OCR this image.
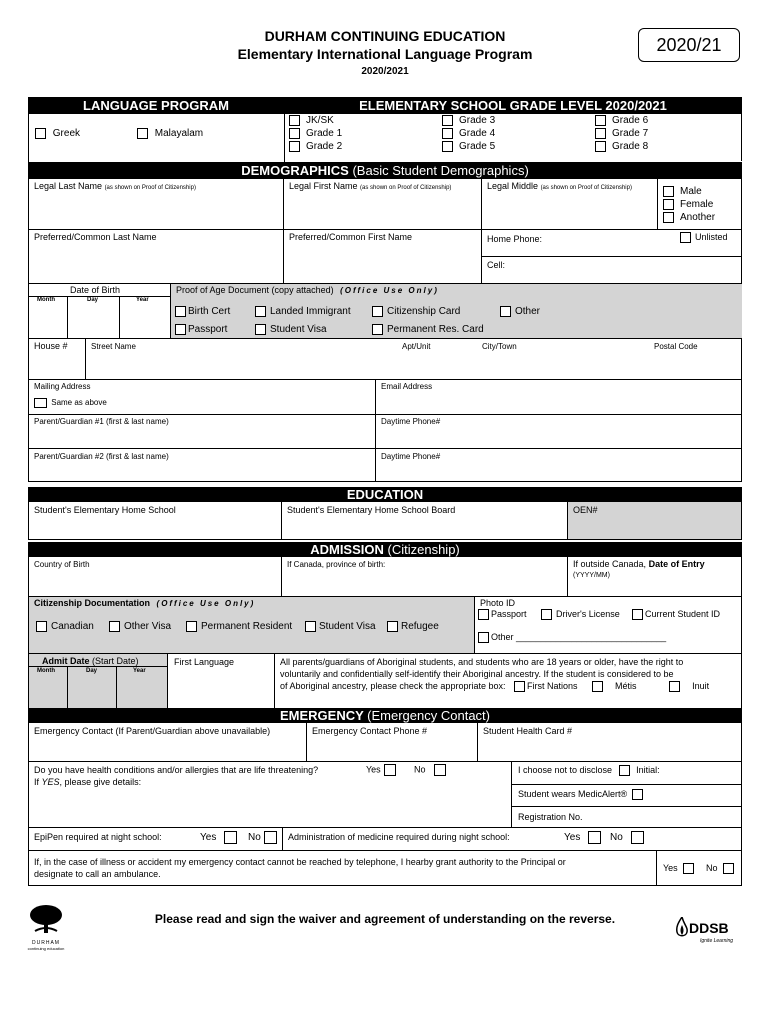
DURHAM CONTINUING EDUCATION
Elementary International Language Program
2020/2021
2020/21
LANGUAGE PROGRAM	ELEMENTARY SCHOOL GRADE LEVEL 2020/2021
Greek	Malayalam
JK/SK
Grade 1
Grade 2
Grade 3
Grade 4
Grade 5
Grade 6
Grade 7
Grade 8
DEMOGRAPHICS (Basic Student Demographics)
Legal Last Name (as shown on Proof of Citizenship)	Legal First Name (as shown on Proof of Citizenship)	Legal Middle (as shown on Proof of Citizenship)	Male
Female
Another
Preferred/Common Last Name	Preferred/Common First Name	Home Phone:	Unlisted
Cell:
Date of Birth
Month	Day	Year
Proof of Age Document (copy attached) (Office Use Only)
Birth Cert	Landed Immigrant	Citizenship Card	Other
Passport	Student Visa	Permanent Res. Card
House #	Street Name	Apt/Unit	City/Town	Postal Code
Mailing Address	Email Address
Same as above
Parent/Guardian #1 (first & last name)	Daytime Phone#
Parent/Guardian #2 (first & last name)	Daytime Phone#
EDUCATION
Student's Elementary Home School	Student's Elementary Home School Board	OEN#
ADMISSION (Citizenship)
Country of Birth	If Canada, province of birth:	If outside Canada, Date of Entry
(YYYY/MM)
Citizenship Documentation (Office Use Only)
Canadian	Other Visa	Permanent Resident	Student Visa	Refugee
Photo ID
Passport	Driver's License	Current Student ID
Other ______________________________
Admit Date (Start Date)
Month	Day	Year
First Language	All parents/guardians of Aboriginal students, and students who are 18 years or older, have the right to
voluntarily and confidentially self-identify their Aboriginal ancestry. If the student is considered to be
of Aboriginal ancestry, please check the appropriate box: First Nations	Métis	Inuit
EMERGENCY (Emergency Contact)
Emergency Contact (If Parent/Guardian above unavailable)	Emergency Contact Phone #	Student Health Card #
Do you have health conditions and/or allergies that are life threatening?	Yes	No
If YES, please give details:
I choose not to disclose	Initial:
Student wears MedicAlert®
Registration No.
EpiPen required at night school:	Yes	No	Administration of medicine required during night school:	Yes	No
If, in the case of illness or accident my emergency contact cannot be reached by telephone, I hearby grant authority to the Principal or
designate to call an ambulance.
Yes	No
Please read and sign the waiver and agreement of understanding on the reverse.
DURHAM
continuing education
DDSB
Ignite Learning
